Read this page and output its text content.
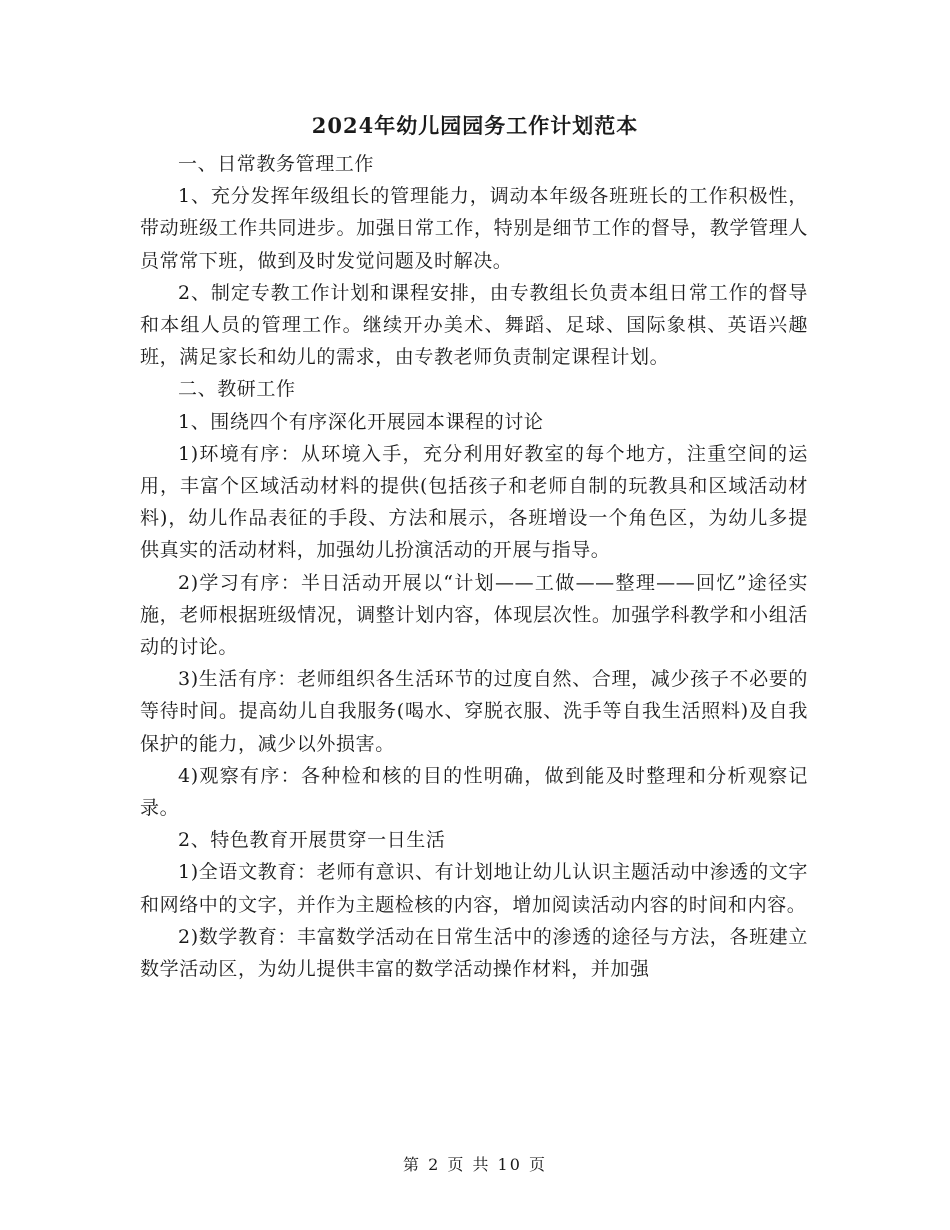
2024年幼儿园园务工作计划范本

一、日常教务管理工作

1、充分发挥年级组长的管理能力，调动本年级各班班长的工作积极性，带动班级工作共同进步。加强日常工作，特别是细节工作的督导，教学管理人员常常下班，做到及时发觉问题及时解决。

2、制定专教工作计划和课程安排，由专教组长负责本组日常工作的督导和本组人员的管理工作。继续开办美术、舞蹈、足球、国际象棋、英语兴趣班，满足家长和幼儿的需求，由专教老师负责制定课程计划。

二、教研工作

1、围绕四个有序深化开展园本课程的讨论

1)环境有序：从环境入手，充分利用好教室的每个地方，注重空间的运用，丰富个区域活动材料的提供(包括孩子和老师自制的玩教具和区域活动材料)，幼儿作品表征的手段、方法和展示，各班增设一个角色区，为幼儿多提供真实的活动材料，加强幼儿扮演活动的开展与指导。

2)学习有序：半日活动开展以“计划——工做——整理——回忆”途径实施，老师根据班级情况，调整计划内容，体现层次性。加强学科教学和小组活动的讨论。

3)生活有序：老师组织各生活环节的过度自然、合理，减少孩子不必要的等待时间。提高幼儿自我服务(喝水、穿脱衣服、洗手等自我生活照料)及自我保护的能力，减少以外损害。

4)观察有序：各种检和核的目的性明确，做到能及时整理和分析观察记录。

2、特色教育开展贯穿一日生活

1)全语文教育：老师有意识、有计划地让幼儿认识主题活动中渗透的文字和网络中的文字，并作为主题检核的内容，增加阅读活动内容的时间和内容。

2)数学教育：丰富数学活动在日常生活中的渗透的途径与方法，各班建立数学活动区，为幼儿提供丰富的数学活动操作材料，并加强

第 2 页 共 10 页
